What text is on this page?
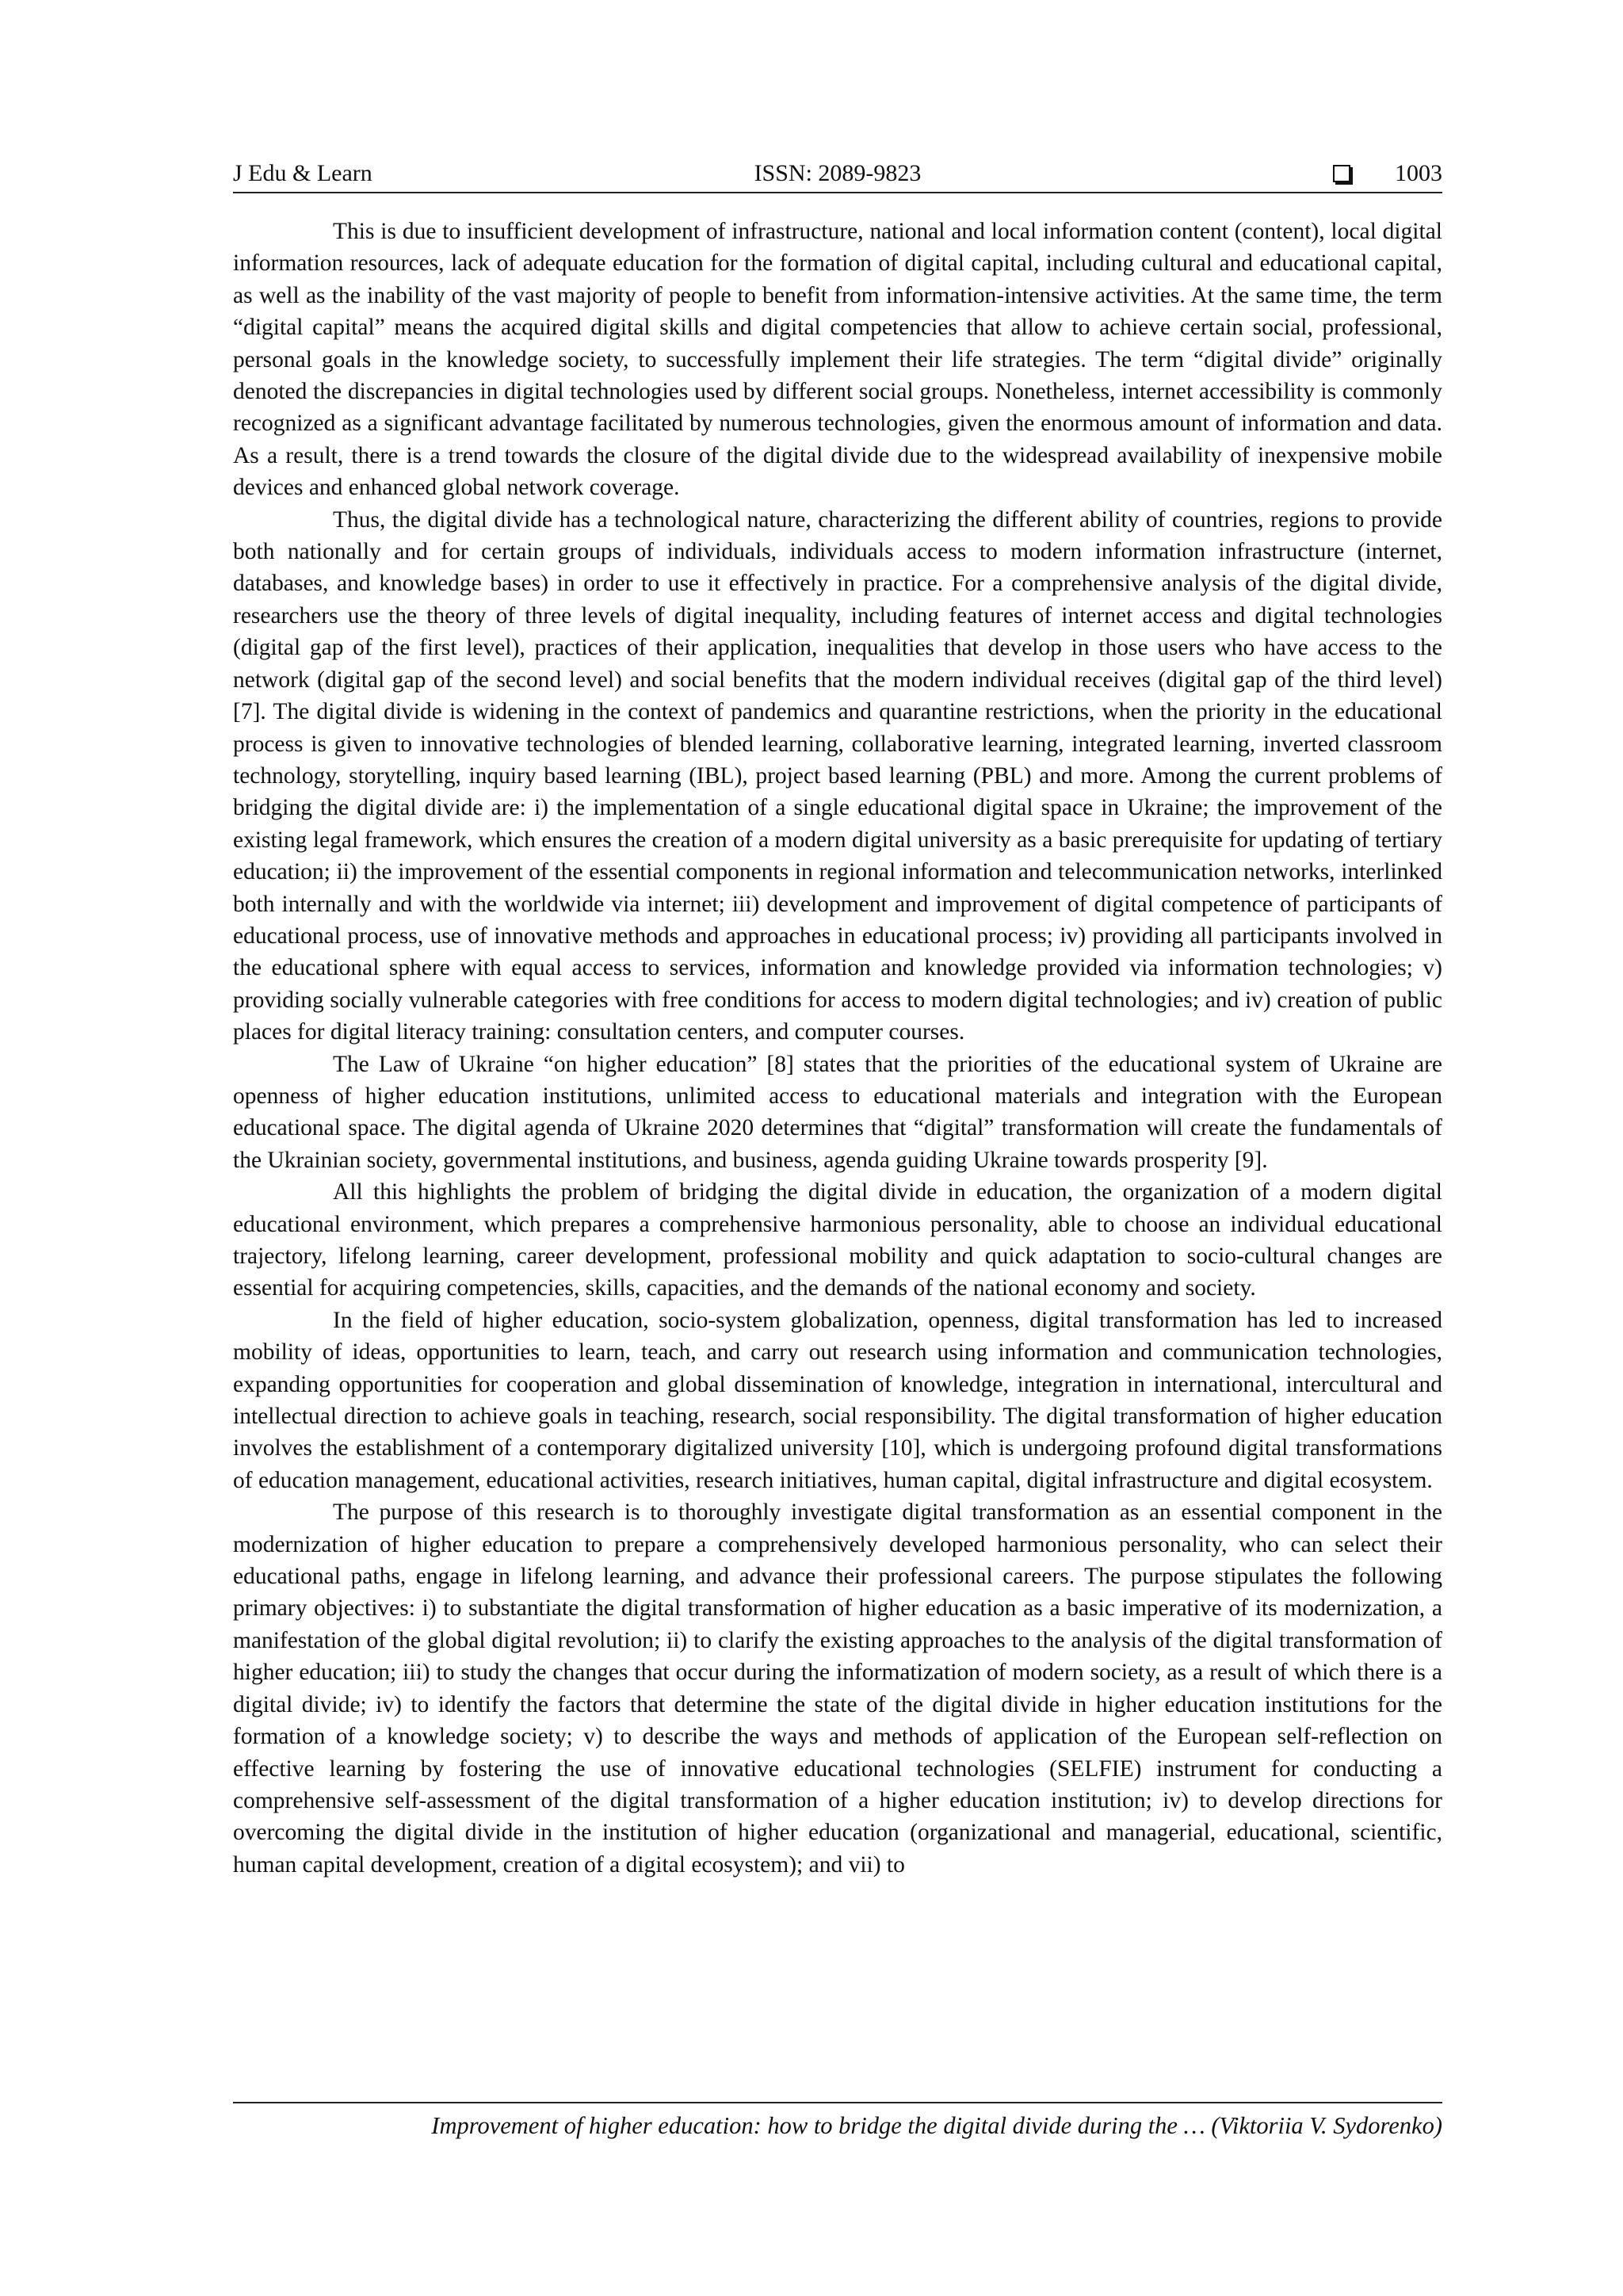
J Edu & Learn	ISSN: 2089-9823	1003

This is due to insufficient development of infrastructure, national and local information content (content), local digital information resources, lack of adequate education for the formation of digital capital, including cultural and educational capital, as well as the inability of the vast majority of people to benefit from information-intensive activities. At the same time, the term “digital capital” means the acquired digital skills and digital competencies that allow to achieve certain social, professional, personal goals in the knowledge society, to successfully implement their life strategies. The term “digital divide” originally denoted the discrepancies in digital technologies used by different social groups. Nonetheless, internet accessibility is commonly recognized as a significant advantage facilitated by numerous technologies, given the enormous amount of information and data. As a result, there is a trend towards the closure of the digital divide due to the widespread availability of inexpensive mobile devices and enhanced global network coverage.

Thus, the digital divide has a technological nature, characterizing the different ability of countries, regions to provide both nationally and for certain groups of individuals, individuals access to modern information infrastructure (internet, databases, and knowledge bases) in order to use it effectively in practice. For a comprehensive analysis of the digital divide, researchers use the theory of three levels of digital inequality, including features of internet access and digital technologies (digital gap of the first level), practices of their application, inequalities that develop in those users who have access to the network (digital gap of the second level) and social benefits that the modern individual receives (digital gap of the third level) [7]. The digital divide is widening in the context of pandemics and quarantine restrictions, when the priority in the educational process is given to innovative technologies of blended learning, collaborative learning, integrated learning, inverted classroom technology, storytelling, inquiry based learning (IBL), project based learning (PBL) and more. Among the current problems of bridging the digital divide are: i) the implementation of a single educational digital space in Ukraine; the improvement of the existing legal framework, which ensures the creation of a modern digital university as a basic prerequisite for updating of tertiary education; ii) the improvement of the essential components in regional information and telecommunication networks, interlinked both internally and with the worldwide via internet; iii) development and improvement of digital competence of participants of educational process, use of innovative methods and approaches in educational process; iv) providing all participants involved in the educational sphere with equal access to services, information and knowledge provided via information technologies; v) providing socially vulnerable categories with free conditions for access to modern digital technologies; and iv) creation of public places for digital literacy training: consultation centers, and computer courses.

The Law of Ukraine “on higher education” [8] states that the priorities of the educational system of Ukraine are openness of higher education institutions, unlimited access to educational materials and integration with the European educational space. The digital agenda of Ukraine 2020 determines that “digital” transformation will create the fundamentals of the Ukrainian society, governmental institutions, and business, agenda guiding Ukraine towards prosperity [9].

All this highlights the problem of bridging the digital divide in education, the organization of a modern digital educational environment, which prepares a comprehensive harmonious personality, able to choose an individual educational trajectory, lifelong learning, career development, professional mobility and quick adaptation to socio-cultural changes are essential for acquiring competencies, skills, capacities, and the demands of the national economy and society.

In the field of higher education, socio-system globalization, openness, digital transformation has led to increased mobility of ideas, opportunities to learn, teach, and carry out research using information and communication technologies, expanding opportunities for cooperation and global dissemination of knowledge, integration in international, intercultural and intellectual direction to achieve goals in teaching, research, social responsibility. The digital transformation of higher education involves the establishment of a contemporary digitalized university [10], which is undergoing profound digital transformations of education management, educational activities, research initiatives, human capital, digital infrastructure and digital ecosystem.

The purpose of this research is to thoroughly investigate digital transformation as an essential component in the modernization of higher education to prepare a comprehensively developed harmonious personality, who can select their educational paths, engage in lifelong learning, and advance their professional careers. The purpose stipulates the following primary objectives: i) to substantiate the digital transformation of higher education as a basic imperative of its modernization, a manifestation of the global digital revolution; ii) to clarify the existing approaches to the analysis of the digital transformation of higher education; iii) to study the changes that occur during the informatization of modern society, as a result of which there is a digital divide; iv) to identify the factors that determine the state of the digital divide in higher education institutions for the formation of a knowledge society; v) to describe the ways and methods of application of the European self-reflection on effective learning by fostering the use of innovative educational technologies (SELFIE) instrument for conducting a comprehensive self-assessment of the digital transformation of a higher education institution; iv) to develop directions for overcoming the digital divide in the institution of higher education (organizational and managerial, educational, scientific, human capital development, creation of a digital ecosystem); and vii) to

Improvement of higher education: how to bridge the digital divide during the … (Viktoriia V. Sydorenko)
